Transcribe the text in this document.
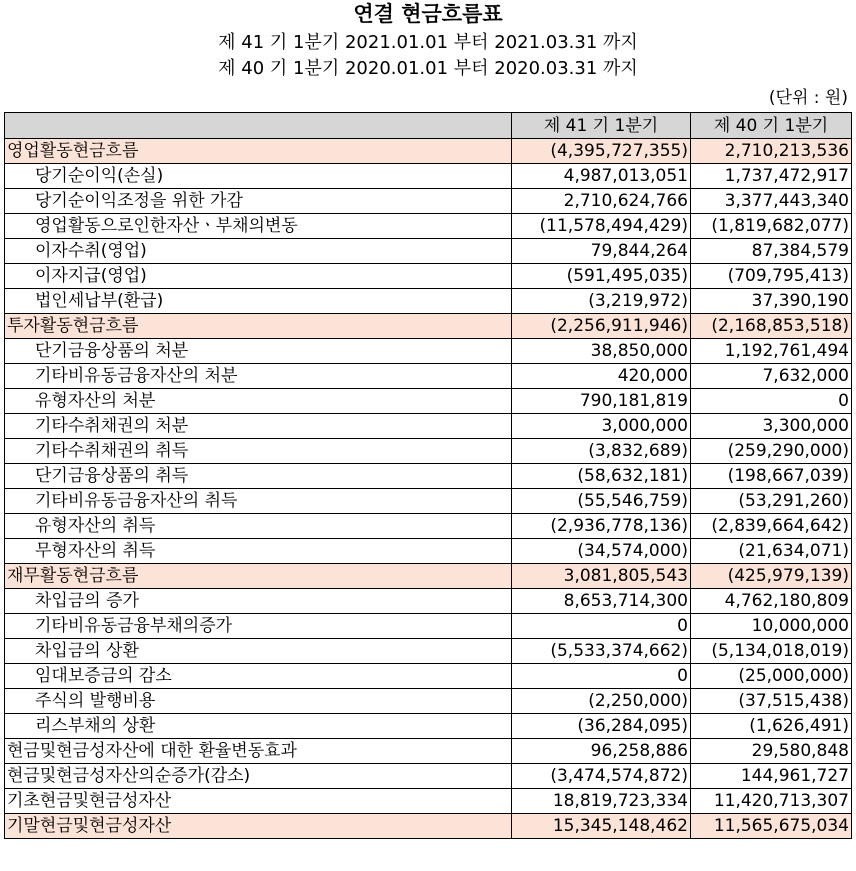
연결 현금흐름표
제 41 기 1분기 2021.01.01 부터 2021.03.31 까지
제 40 기 1분기 2020.01.01 부터 2020.03.31 까지
(단위 : 원)
	제 41 기 1분기	제 40 기 1분기
영업활동현금흐름	(4,395,727,355)	2,710,213,536
당기순이익(손실)	4,987,013,051	1,737,472,917
당기순이익조정을 위한 가감	2,710,624,766	3,377,443,340
영업활동으로인한자산ㆍ부채의변동	(11,578,494,429)	(1,819,682,077)
이자수취(영업)	79,844,264	87,384,579
이자지급(영업)	(591,495,035)	(709,795,413)
법인세납부(환급)	(3,219,972)	37,390,190
투자활동현금흐름	(2,256,911,946)	(2,168,853,518)
단기금융상품의 처분	38,850,000	1,192,761,494
기타비유동금융자산의 처분	420,000	7,632,000
유형자산의 처분	790,181,819	0
기타수취채권의 처분	3,000,000	3,300,000
기타수취채권의 취득	(3,832,689)	(259,290,000)
단기금융상품의 취득	(58,632,181)	(198,667,039)
기타비유동금융자산의 취득	(55,546,759)	(53,291,260)
유형자산의 취득	(2,936,778,136)	(2,839,664,642)
무형자산의 취득	(34,574,000)	(21,634,071)
재무활동현금흐름	3,081,805,543	(425,979,139)
차입금의 증가	8,653,714,300	4,762,180,809
기타비유동금융부채의증가	0	10,000,000
차입금의 상환	(5,533,374,662)	(5,134,018,019)
임대보증금의 감소	0	(25,000,000)
주식의 발행비용	(2,250,000)	(37,515,438)
리스부채의 상환	(36,284,095)	(1,626,491)
현금및현금성자산에 대한 환율변동효과	96,258,886	29,580,848
현금및현금성자산의순증가(감소)	(3,474,574,872)	144,961,727
기초현금및현금성자산	18,819,723,334	11,420,713,307
기말현금및현금성자산	15,345,148,462	11,565,675,034
